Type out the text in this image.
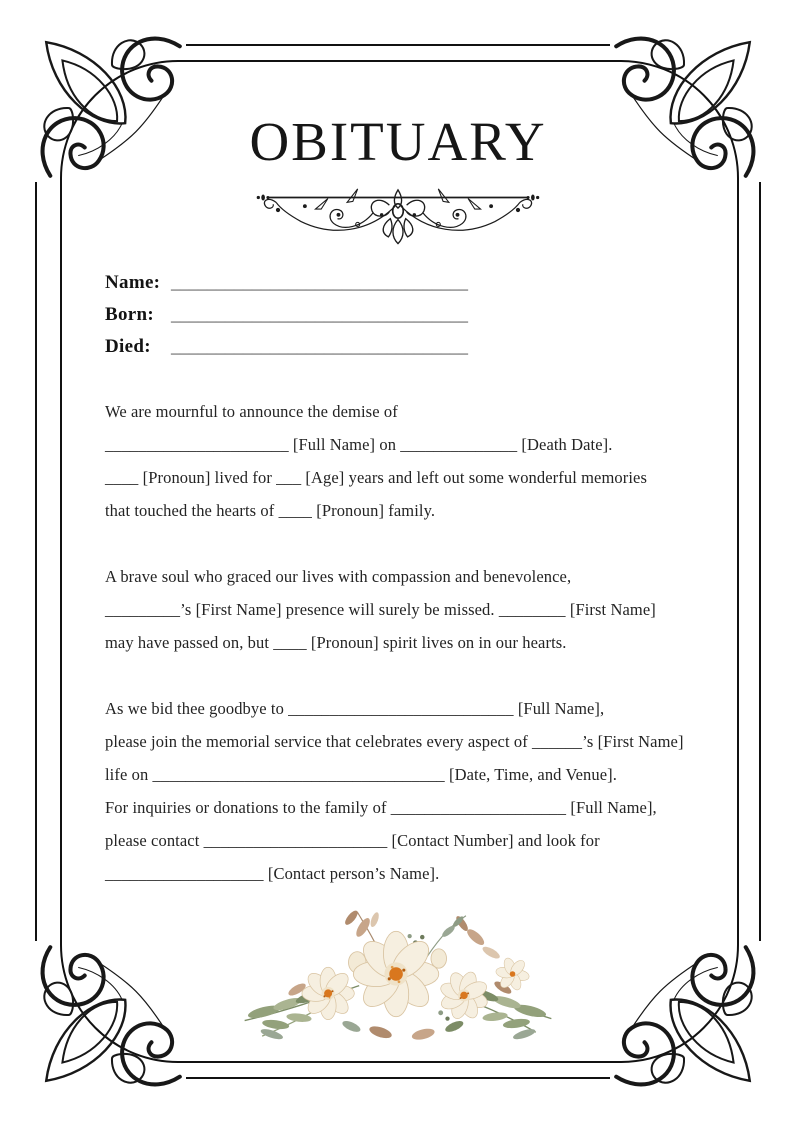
OBITUARY
Name: _________________________________
Born: _________________________________
Died:	_________________________________
We are mournful to announce the demise of
______________________ [Full Name] on ______________ [Death Date].
____ [Pronoun] lived for ___ [Age] years and left out some wonderful memories
that touched the hearts of ____ [Pronoun] family.
A brave soul who graced our lives with compassion and benevolence,
_________’s [First Name] presence will surely be missed. ________ [First Name]
may have passed on, but ____ [Pronoun] spirit lives on in our hearts.
As we bid thee goodbye to ___________________________ [Full Name],
please join the memorial service that celebrates every aspect of ______’s [First Name]
life on ___________________________________ [Date, Time, and Venue].
For inquiries or donations to the family of _____________________ [Full Name],
please contact ______________________ [Contact Number] and look for
___________________ [Contact person’s Name].
